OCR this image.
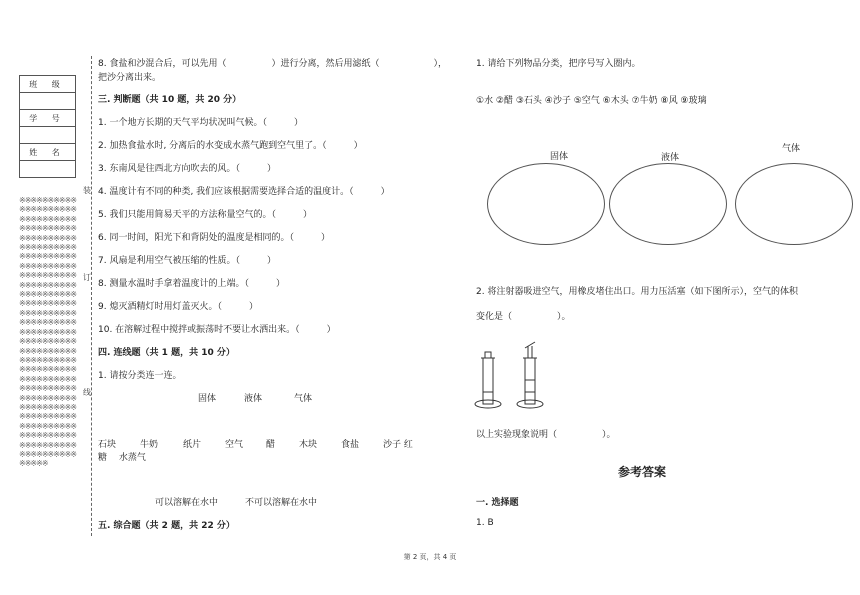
班 级

学 号

姓 名

※※※※※※※※※※※※※※※※※※※※※※※※※※※※※※※※※※※※※※※※※※※※※※※※※※※※※※※※※※※※※※※※※※※※※※※※※※※※※※※※※※※※※※※※※※※※※※※※※※※※※※※※※※※※※※※※※※※※※※※※※※※※※※※※※※※※※※※※※※※※※※※※※※※※※※※※※※※※※※※※※※※※※※※※※※※※※※※※※※※※※※※※※※※※※※※※※※※※※※※※※※※※※※※※※※※※※※※※※※※※※※※※※※※※※※※※※※※※※※※※※※※※※※※※※※※※※※※※※※※※※※※※※※※※※※※※※※※※※※※※※※※※※
装
订
线
8. 食盐和沙混合后，可以先用（　　　　　）进行分离，然后用滤纸（　　　　　　），
把沙分离出来。
三. 判断题（共 10 题，共 20 分）
1. 一个地方长期的天气平均状况叫气候。（　　　）
2. 加热食盐水时, 分离后的水变成水蒸气跑到空气里了。（　　　）
3. 东南风是往西北方向吹去的风。（　　　）
4. 温度计有不同的种类, 我们应该根据需要选择合适的温度计。（　　　）
5. 我们只能用简易天平的方法称量空气的。（　　　）
6. 同一时间，阳光下和背阴处的温度是相同的。（　　　）
7. 风扇是利用空气被压缩的性质。（　　　）
8. 测量水温时手拿着温度计的上端。（　　　）
9. 熄灭酒精灯时用灯盖灭火。（　　　）
10. 在溶解过程中搅拌或振荡时不要让水洒出来。（　　　）
四. 连线题（共 1 题，共 10 分）
1. 请按分类连一连。
固体	液体	气体
石块	牛奶	纸片	空气	醋	木块	食盐	沙子 红
糖　 水蒸气
可以溶解在水中	不可以溶解在水中
五. 综合题（共 2 题，共 22 分）
1. 请给下列物品分类，把序号写入圈内。
①水 ②醋 ③石头 ④沙子 ⑤空气 ⑥木头 ⑦牛奶 ⑧风 ⑨玻璃
固体	液体
气体
2. 将注射器吸进空气，用橡皮堵住出口。用力压活塞（如下图所示），空气的体积
变化是（　　　　　）。
以上实验现象说明（　　　　　）。
参考答案
一. 选择题
1. B
第 2 页，共 4 页
